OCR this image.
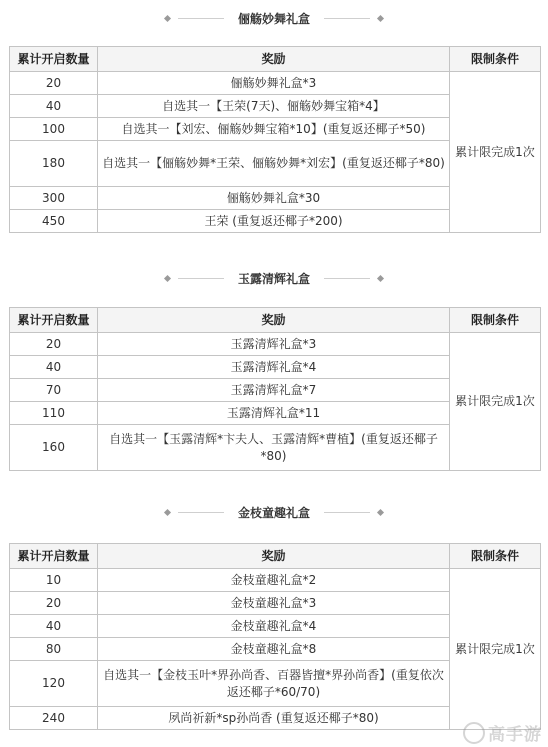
俪觞妙舞礼盒
累计开启数量	奖励	限制条件
20	俪觞妙舞礼盒*3	累计限完成1次
40	自选其一【王荣(7天)、俪觞妙舞宝箱*4】	
100	自选其一【刘宏、俪觞妙舞宝箱*10】(重复返还椰子*50)	
180	自选其一【俪觞妙舞*王荣、俪觞妙舞*刘宏】(重复返还椰子*80)	
300	俪觞妙舞礼盒*30	
450	王荣 (重复返还椰子*200)	
玉露清辉礼盒
累计开启数量	奖励	限制条件
20	玉露清辉礼盒*3	累计限完成1次
40	玉露清辉礼盒*4	
70	玉露清辉礼盒*7	
110	玉露清辉礼盒*11	
160	自选其一【玉露清辉*卞夫人、玉露清辉*曹植】(重复返还椰子*80)	
金枝童趣礼盒
累计开启数量	奖励	限制条件
10	金枝童趣礼盒*2	累计限完成1次
20	金枝童趣礼盒*3	
40	金枝童趣礼盒*4	
80	金枝童趣礼盒*8	
120	自选其一【金枝玉叶*界孙尚香、百器皆擅*界孙尚香】(重复依次返还椰子*60/70)	
240	夙尚祈新*sp孙尚香 (重复返还椰子*80)	
高手游
